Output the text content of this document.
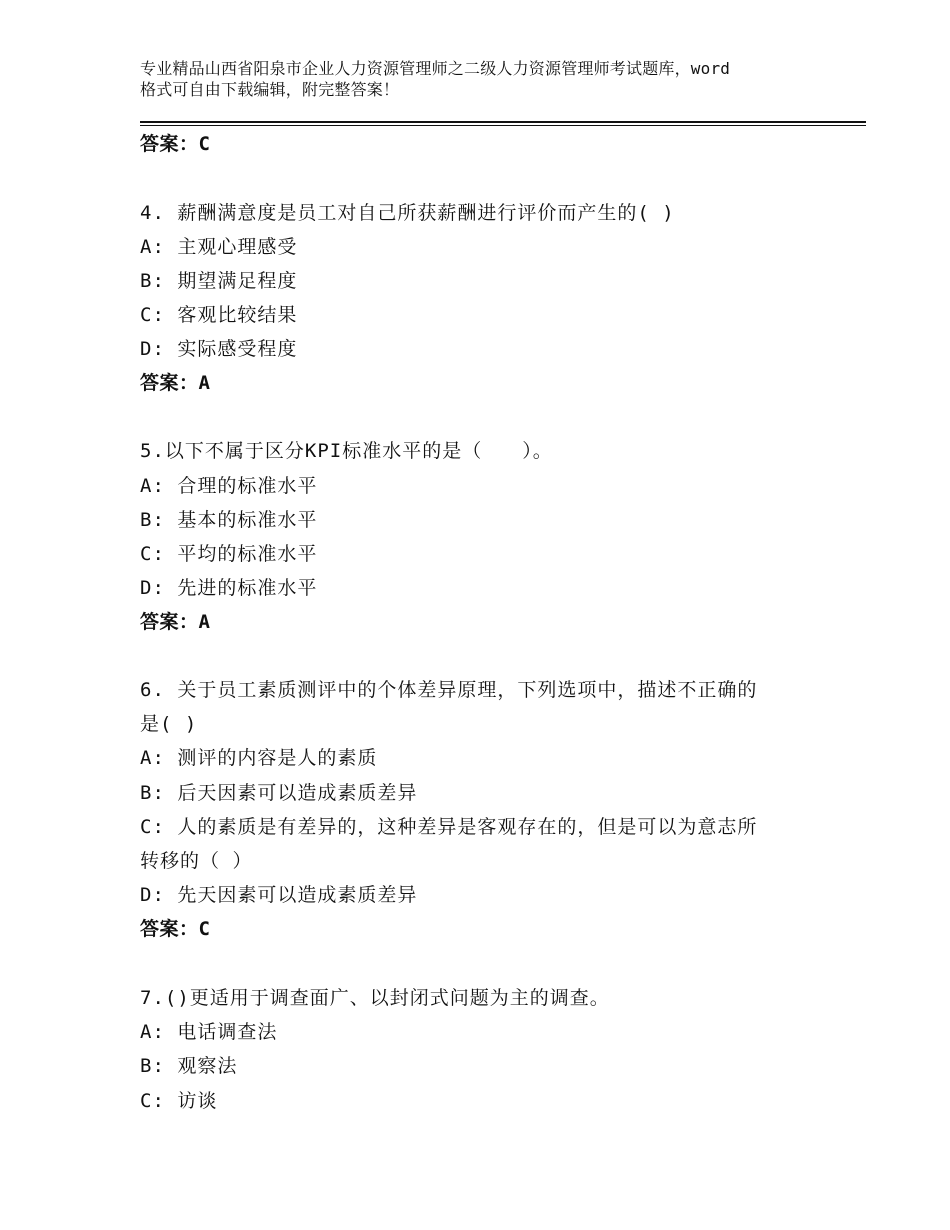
专业精品山西省阳泉市企业人力资源管理师之二级人力资源管理师考试题库，word
格式可自由下载编辑，附完整答案！
答案：C
4. 薪酬满意度是员工对自己所获薪酬进行评价而产生的( )
A: 主观心理感受
B: 期望满足程度
C: 客观比较结果
D: 实际感受程度
答案：A
5.以下不属于区分KPI标准水平的是（　　）。
A: 合理的标准水平
B: 基本的标准水平
C: 平均的标准水平
D: 先进的标准水平
答案：A
6. 关于员工素质测评中的个体差异原理，下列选项中，描述不正确的
是( )
A: 测评的内容是人的素质
B: 后天因素可以造成素质差异
C: 人的素质是有差异的，这种差异是客观存在的，但是可以为意志所
转移的（ ）
D: 先天因素可以造成素质差异
答案：C
7.()更适用于调查面广、以封闭式问题为主的调查。
A: 电话调查法
B: 观察法
C: 访谈
